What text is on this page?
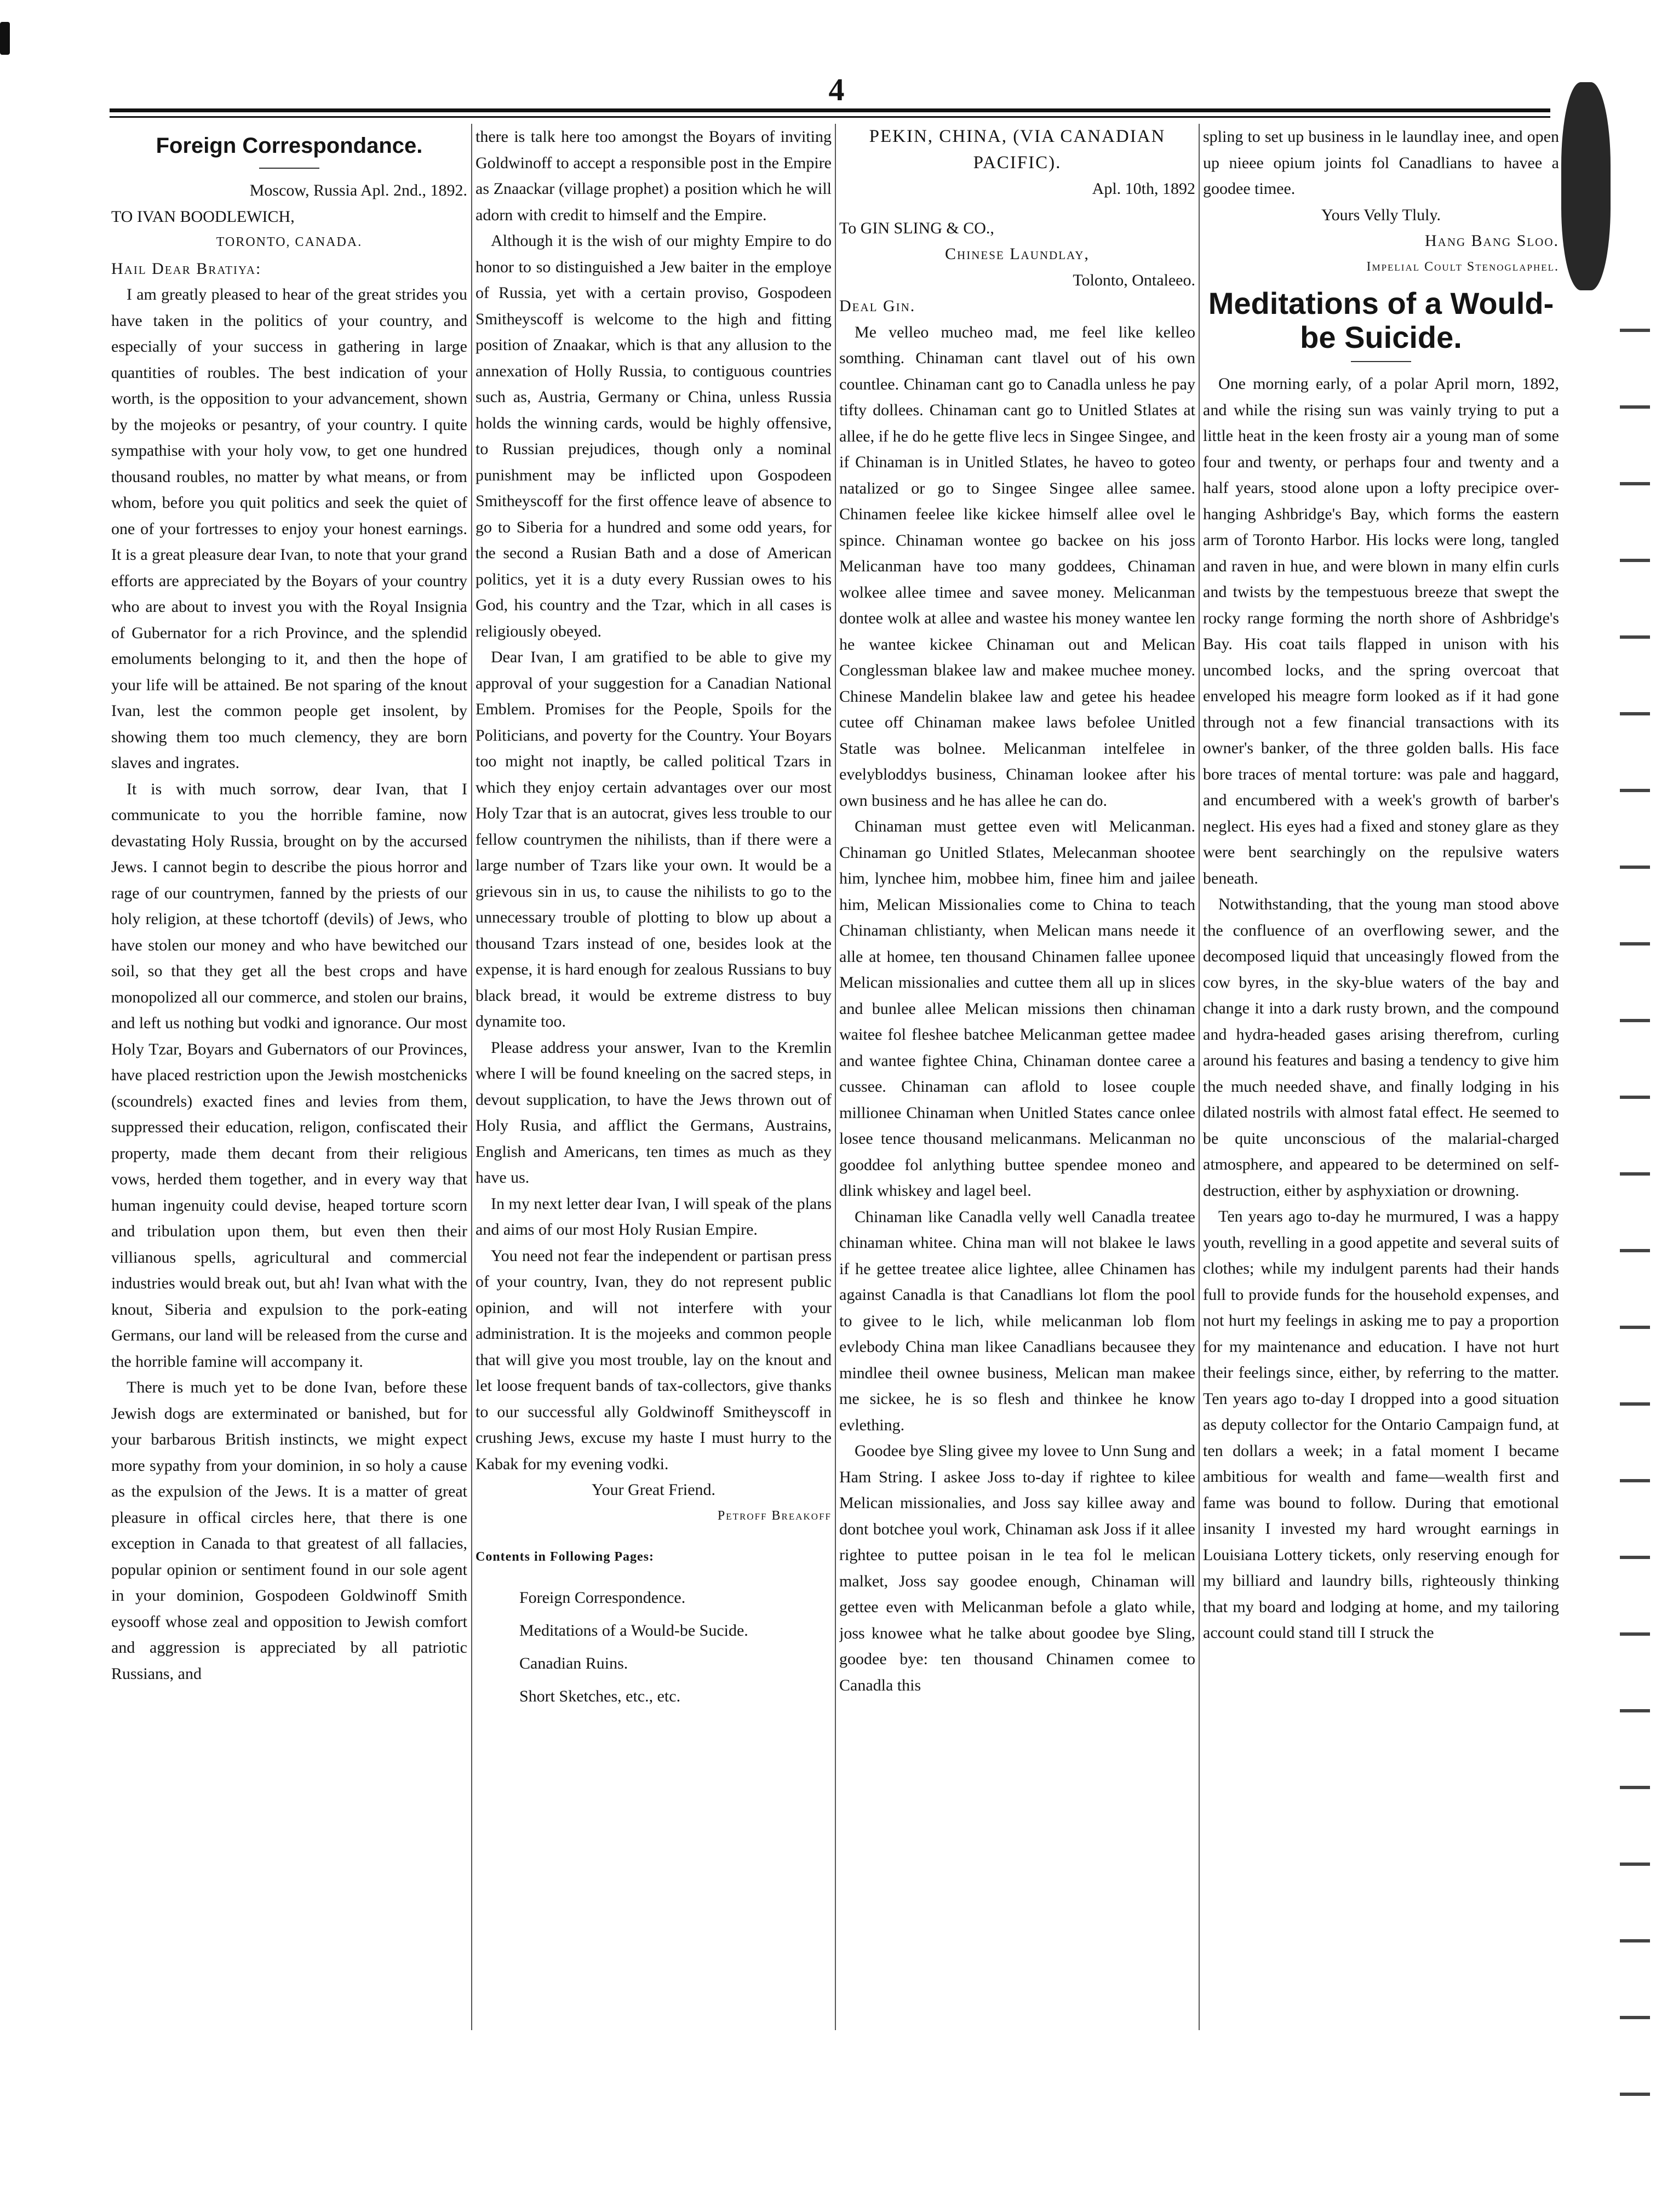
4
Foreign Correspondance.

Moscow, Russia Apl. 2nd., 1892.

TO IVAN BOODLEWICH,

TORONTO, CANADA.

Hail Dear Bratiya:

I am greatly pleased to hear of the great strides you have taken in the politics of your country, and especially of your success in gathering in large quantities of roubles. The best indication of your worth, is the opposition to your advancement, shown by the mojeoks or pesantry, of your country. I quite sympathise with your holy vow, to get one hundred thousand roubles, no matter by what means, or from whom, before you quit politics and seek the quiet of one of your fortresses to enjoy your honest earnings. It is a great pleasure dear Ivan, to note that your grand efforts are appreciated by the Boyars of your country who are about to invest you with the Royal Insignia of Gubernator for a rich Province, and the splendid emoluments belonging to it, and then the hope of your life will be attained. Be not sparing of the knout Ivan, lest the common people get insolent, by showing them too much clemency, they are born slaves and ingrates.

It is with much sorrow, dear Ivan, that I communicate to you the horrible famine, now devastating Holy Russia, brought on by the accursed Jews. I cannot begin to describe the pious horror and rage of our countrymen, fanned by the priests of our holy religion, at these tchortoff (devils) of Jews, who have stolen our money and who have bewitched our soil, so that they get all the best crops and have monopolized all our commerce, and stolen our brains, and left us nothing but vodki and ignorance. Our most Holy Tzar, Boyars and Gubernators of our Provinces, have placed restriction upon the Jewish mostchenicks (scoundrels) exacted fines and levies from them, suppressed their education, religon, confiscated their property, made them decant from their religious vows, herded them together, and in every way that human ingenuity could devise, heaped torture scorn and tribulation upon them, but even then their villianous spells, agricultural and commercial industries would break out, but ah! Ivan what with the knout, Siberia and expulsion to the pork-eating Germans, our land will be released from the curse and the horrible famine will accompany it.

There is much yet to be done Ivan, before these Jewish dogs are exterminated or banished, but for your barbarous British instincts, we might expect more sypathy from your dominion, in so holy a cause as the expulsion of the Jews. It is a matter of great pleasure in offical circles here, that there is one exception in Canada to that greatest of all fallacies, popular opinion or sentiment found in our sole agent in your dominion, Gospodeen Goldwinoff Smith eysooff whose zeal and opposition to Jewish comfort and aggression is appreciated by all patriotic Russians, and

there is talk here too amongst the Boyars of inviting Goldwinoff to accept a responsible post in the Empire as Znaackar (village prophet) a position which he will adorn with credit to himself and the Empire.

Although it is the wish of our mighty Empire to do honor to so distinguished a Jew baiter in the employe of Russia, yet with a certain proviso, Gospodeen Smitheyscoff is welcome to the high and fitting position of Znaakar, which is that any allusion to the annexation of Holly Russia, to contiguous countries such as, Austria, Germany or China, unless Russia holds the winning cards, would be highly offensive, to Russian prejudices, though only a nominal punishment may be inflicted upon Gospodeen Smitheyscoff for the first offence leave of absence to go to Siberia for a hundred and some odd years, for the second a Rusian Bath and a dose of American politics, yet it is a duty every Russian owes to his God, his country and the Tzar, which in all cases is religiously obeyed.

Dear Ivan, I am gratified to be able to give my approval of your suggestion for a Canadian National Emblem. Promises for the People, Spoils for the Politicians, and poverty for the Country. Your Boyars too might not inaptly, be called political Tzars in which they enjoy certain advantages over our most Holy Tzar that is an autocrat, gives less trouble to our fellow countrymen the nihilists, than if there were a large number of Tzars like your own. It would be a grievous sin in us, to cause the nihilists to go to the unnecessary trouble of plotting to blow up about a thousand Tzars instead of one, besides look at the expense, it is hard enough for zealous Russians to buy black bread, it would be extreme distress to buy dynamite too.

Please address your answer, Ivan to the Kremlin where I will be found kneeling on the sacred steps, in devout supplication, to have the Jews thrown out of Holy Rusia, and afflict the Germans, Austrains, English and Americans, ten times as much as they have us.

In my next letter dear Ivan, I will speak of the plans and aims of our most Holy Rusian Empire.

You need not fear the independent or partisan press of your country, Ivan, they do not represent public opinion, and will not interfere with your administration. It is the mojeeks and common people that will give you most trouble, lay on the knout and let loose frequent bands of tax-collectors, give thanks to our successful ally Goldwinoff Smitheyscoff in crushing Jews, excuse my haste I must hurry to the Kabak for my evening vodki.

Your Great Friend.

Petroff Breakoff

Contents in Following Pages:
Foreign Correspondence.
Meditations of a Would-be Sucide.
Canadian Ruins.
Short Sketches, etc., etc.

PEKIN, CHINA, (VIA CANADIAN PACIFIC).

Apl. 10th, 1892

To GIN SLING & CO.,

Chinese Laundlay,

Tolonto, Ontaleeo.

Deal Gin.

Me velleo mucheo mad, me feel like kelleo somthing. Chinaman cant tlavel out of his own countlee. Chinaman cant go to Canadla unless he pay tifty dollees. Chinaman cant go to Unitled Stlates at allee, if he do he gette flive lecs in Singee Singee, and if Chinaman is in Unitled Stlates, he haveo to goteo natalized or go to Singee Singee allee samee. Chinamen feelee like kickee himself allee ovel le spince. Chinaman wontee go backee on his joss Melicanman have too many goddees, Chinaman wolkee allee timee and savee money. Melicanman dontee wolk at allee and wastee his money wantee len he wantee kickee Chinaman out and Melican Conglessman blakee law and makee muchee money. Chinese Mandelin blakee law and getee his headee cutee off Chinaman makee laws befolee Unitled Statle was bolnee. Melicanman intelfelee in evelybloddys business, Chinaman lookee after his own business and he has allee he can do.

Chinaman must gettee even witl Melicanman. Chinaman go Unitled Stlates, Melecanman shootee him, lynchee him, mobbee him, finee him and jailee him, Melican Missionalies come to China to teach Chinaman chlistianty, when Melican mans neede it alle at homee, ten thousand Chinamen fallee uponee Melican missionalies and cuttee them all up in slices and bunlee allee Melican missions then chinaman waitee fol fleshee batchee Melicanman gettee madee and wantee fightee China, Chinaman dontee caree a cussee. Chinaman can aflold to losee couple millionee Chinaman when Unitled States cance onlee losee tence thousand melicanmans. Melicanman no gooddee fol anlything buttee spendee moneo and dlink whiskey and lagel beel.

Chinaman like Canadla velly well Canadla treatee chinaman whitee. China man will not blakee le laws if he gettee treatee alice lightee, allee Chinamen has against Canadla is that Canadlians lot flom the pool to givee to le lich, while melicanman lob flom evlebody China man likee Canadlians becausee they mindlee theil ownee business, Melican man makee me sickee, he is so flesh and thinkee he know evlething.

Goodee bye Sling givee my lovee to Unn Sung and Ham String. I askee Joss to-day if rightee to kilee Melican missionalies, and Joss say killee away and dont botchee youl work, Chinaman ask Joss if it allee rightee to puttee poisan in le tea fol le melican malket, Joss say goodee enough, Chinaman will gettee even with Melicanman befole a glato while, joss knowee what he talke about goodee bye Sling, goodee bye: ten thousand Chinamen comee to Canadla this

spling to set up business in le laundlay inee, and open up nieee opium joints fol Canadlians to havee a goodee timee.

Yours Velly Tluly.

Hang Bang Sloo.

Impelial Coult Stenoglaphel.

Meditations of a Would-be Suicide.

One morning early, of a polar April morn, 1892, and while the rising sun was vainly trying to put a little heat in the keen frosty air a young man of some four and twenty, or perhaps four and twenty and a half years, stood alone upon a lofty precipice over-hanging Ashbridge's Bay, which forms the eastern arm of Toronto Harbor. His locks were long, tangled and raven in hue, and were blown in many elfin curls and twists by the tempestuous breeze that swept the rocky range forming the north shore of Ashbridge's Bay. His coat tails flapped in unison with his uncombed locks, and the spring overcoat that enveloped his meagre form looked as if it had gone through not a few financial transactions with its owner's banker, of the three golden balls. His face bore traces of mental torture: was pale and haggard, and encumbered with a week's growth of barber's neglect. His eyes had a fixed and stoney glare as they were bent searchingly on the repulsive waters beneath.

Notwithstanding, that the young man stood above the confluence of an overflowing sewer, and the decomposed liquid that unceasingly flowed from the cow byres, in the sky-blue waters of the bay and change it into a dark rusty brown, and the compound and hydra-headed gases arising therefrom, curling around his features and basing a tendency to give him the much needed shave, and finally lodging in his dilated nostrils with almost fatal effect. He seemed to be quite unconscious of the malarial-charged atmosphere, and appeared to be determined on self-destruction, either by asphyxiation or drowning.

Ten years ago to-day he murmured, I was a happy youth, revelling in a good appetite and several suits of clothes; while my indulgent parents had their hands full to provide funds for the household expenses, and not hurt my feelings in asking me to pay a proportion for my maintenance and education. I have not hurt their feelings since, either, by referring to the matter. Ten years ago to-day I dropped into a good situation as deputy collector for the Ontario Campaign fund, at ten dollars a week; in a fatal moment I became ambitious for wealth and fame—wealth first and fame was bound to follow. During that emotional insanity I invested my hard wrought earnings in Louisiana Lottery tickets, only reserving enough for my billiard and laundry bills, righteously thinking that my board and lodging at home, and my tailoring account could stand till I struck the
